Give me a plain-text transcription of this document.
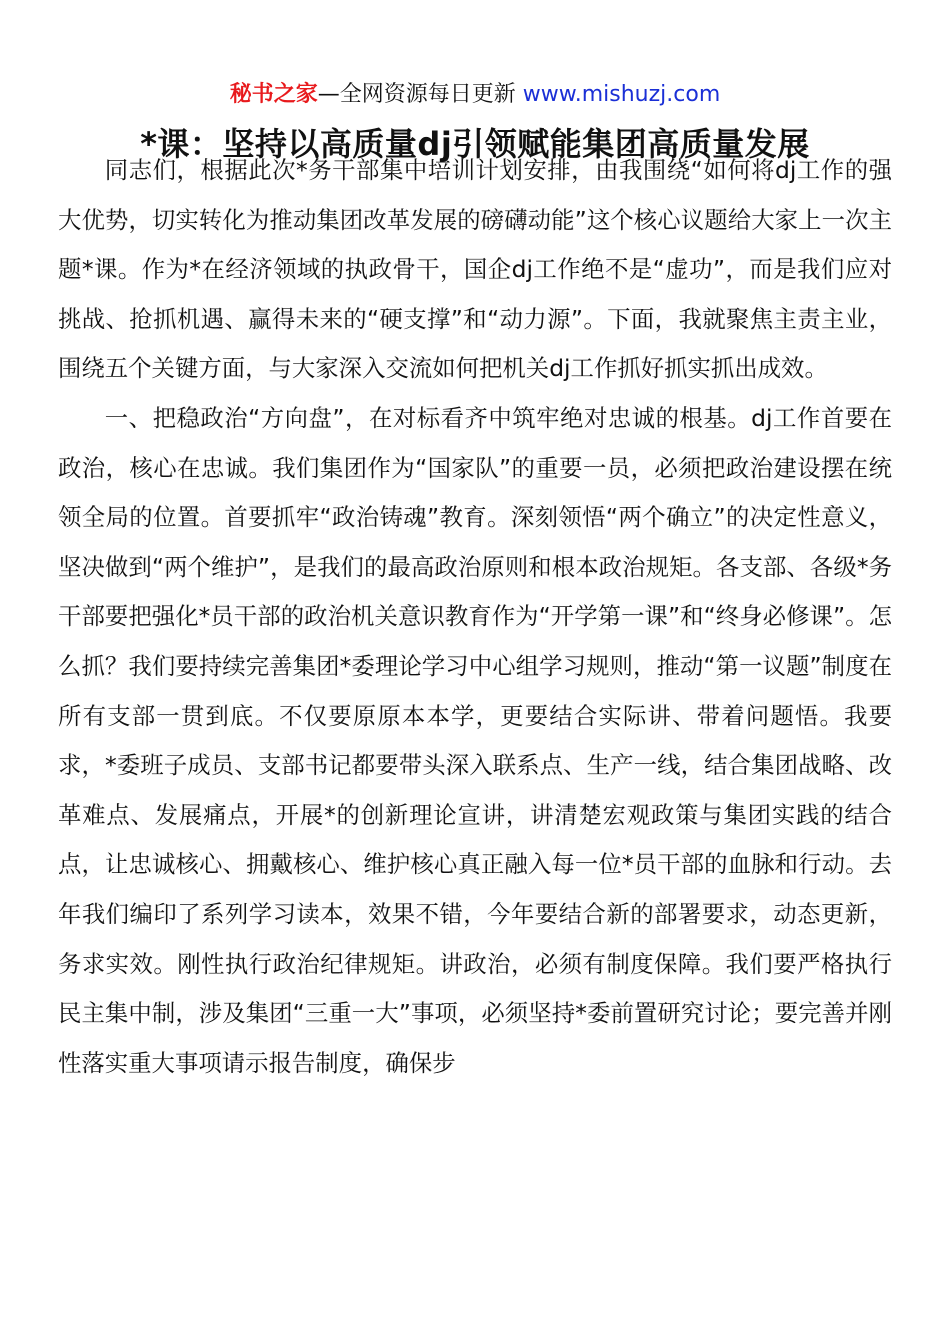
秘书之家—全网资源每日更新 www.mishuzj.com
*课：坚持以高质量dj引领赋能集团高质量发展

同志们，根据此次*务干部集中培训计划安排，由我围绕“如何将dj工作的强大优势，切实转化为推动集团改革发展的磅礴动能”这个核心议题给大家上一次主题*课。作为*在经济领域的执政骨干，国企dj工作绝不是“虚功”，而是我们应对挑战、抢抓机遇、赢得未来的“硬支撑”和“动力源”。下面，我就聚焦主责主业，围绕五个关键方面，与大家深入交流如何把机关dj工作抓好抓实抓出成效。

一、把稳政治“方向盘”，在对标看齐中筑牢绝对忠诚的根基。dj工作首要在政治，核心在忠诚。我们集团作为“国家队”的重要一员，必须把政治建设摆在统领全局的位置。首要抓牢“政治铸魂”教育。深刻领悟“两个确立”的决定性意义，坚决做到“两个维护”，是我们的最高政治原则和根本政治规矩。各支部、各级*务干部要把强化*员干部的政治机关意识教育作为“开学第一课”和“终身必修课”。怎么抓？我们要持续完善集团*委理论学习中心组学习规则，推动“第一议题”制度在所有支部一贯到底。不仅要原原本本学，更要结合实际讲、带着问题悟。我要求，*委班子成员、支部书记都要带头深入联系点、生产一线，结合集团战略、改革难点、发展痛点，开展*的创新理论宣讲，讲清楚宏观政策与集团实践的结合点，让忠诚核心、拥戴核心、维护核心真正融入每一位*员干部的血脉和行动。去年我们编印了系列学习读本，效果不错，今年要结合新的部署要求，动态更新，务求实效。刚性执行政治纪律规矩。讲政治，必须有制度保障。我们要严格执行民主集中制，涉及集团“三重一大”事项，必须坚持*委前置研究讨论；要完善并刚性落实重大事项请示报告制度，确保步
